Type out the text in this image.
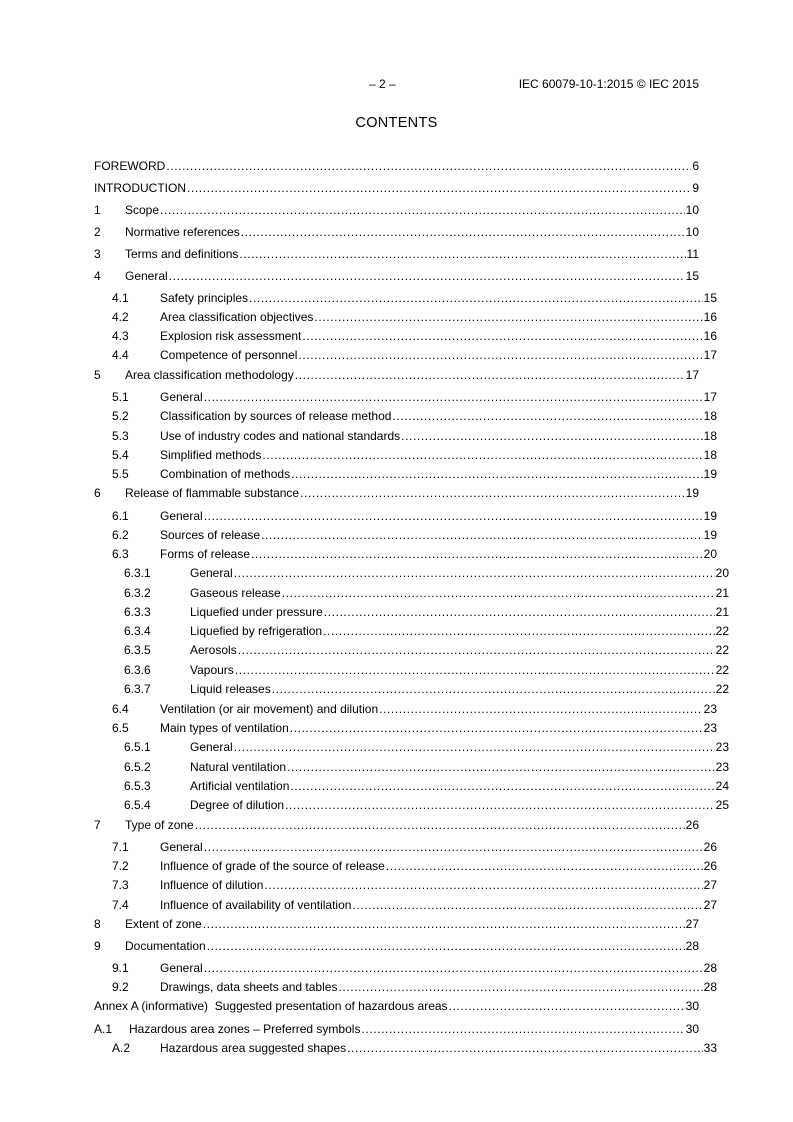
– 2 –	IEC 60079-10-1:2015 © IEC 2015
CONTENTS
FOREWORD .....	6
INTRODUCTION .....	9
1	Scope .....	10
2	Normative references .....	10
3	Terms and definitions .....	11
4	General .....	15
4.1	Safety principles .....	15
4.2	Area classification objectives .....	16
4.3	Explosion risk assessment .....	16
4.4	Competence of personnel .....	17
5	Area classification methodology .....	17
5.1	General .....	17
5.2	Classification by sources of release method .....	18
5.3	Use of industry codes and national standards .....	18
5.4	Simplified methods .....	18
5.5	Combination of methods .....	19
6	Release of flammable substance .....	19
6.1	General .....	19
6.2	Sources of release .....	19
6.3	Forms of release .....	20
6.3.1	General .....	20
6.3.2	Gaseous release .....	21
6.3.3	Liquefied under pressure .....	21
6.3.4	Liquefied by refrigeration .....	22
6.3.5	Aerosols .....	22
6.3.6	Vapours .....	22
6.3.7	Liquid releases .....	22
6.4	Ventilation (or air movement) and dilution .....	23
6.5	Main types of ventilation .....	23
6.5.1	General .....	23
6.5.2	Natural ventilation .....	23
6.5.3	Artificial ventilation .....	24
6.5.4	Degree of dilution .....	25
7	Type of zone .....	26
7.1	General .....	26
7.2	Influence of grade of the source of release .....	26
7.3	Influence of dilution .....	27
7.4	Influence of availability of ventilation .....	27
8	Extent of zone .....	27
9	Documentation .....	28
9.1	General .....	28
9.2	Drawings, data sheets and tables .....	28
Annex A (informative)  Suggested presentation of hazardous areas .....	30
A.1	Hazardous area zones – Preferred symbols .....	30
A.2	Hazardous area suggested shapes .....	33
